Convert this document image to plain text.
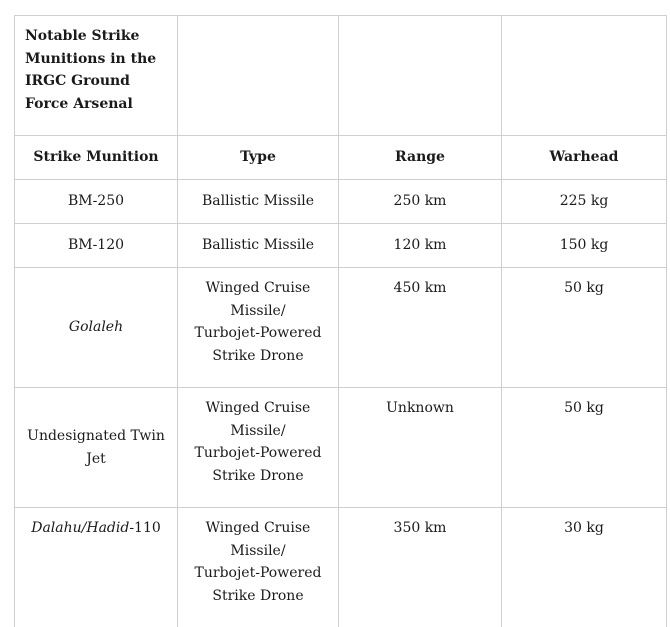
Notable Strike Munitions in the IRGC Ground Force Arsenal			
Strike Munition	Type	Range	Warhead
BM-250	Ballistic Missile	250 km	225 kg
BM-120	Ballistic Missile	120 km	150 kg
Golaleh	Winged Cruise
Missile/
Turbojet-Powered
Strike Drone	450 km	50 kg
Undesignated Twin Jet	Winged Cruise
Missile/
Turbojet-Powered
Strike Drone	Unknown	50 kg
Dalahu/Hadid-110	Winged Cruise
Missile/
Turbojet-Powered
Strike Drone	350 km	30 kg
